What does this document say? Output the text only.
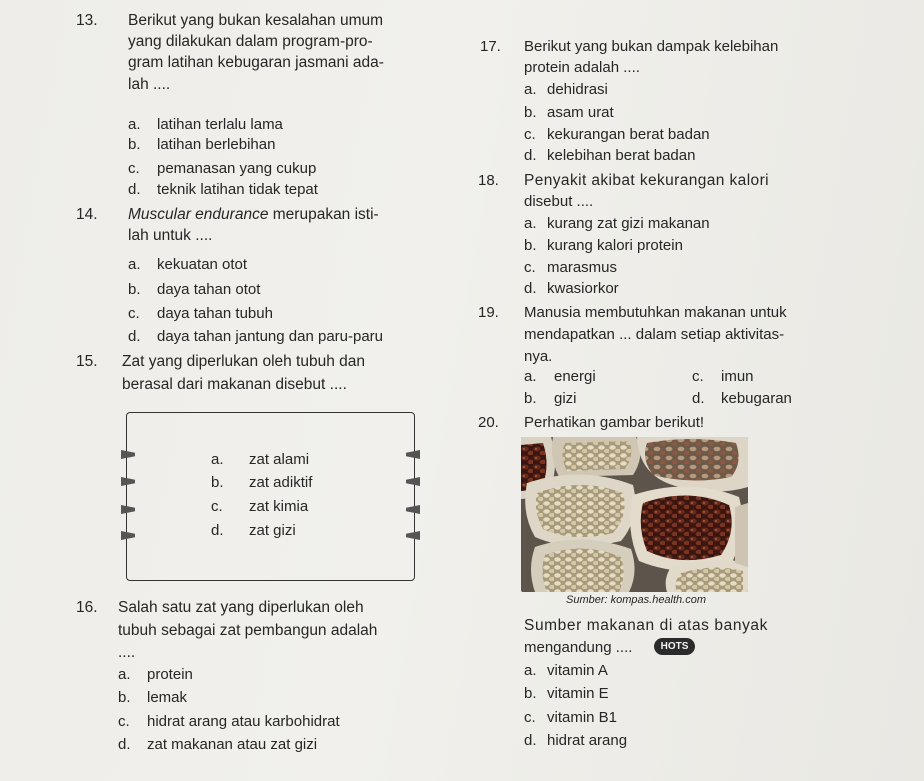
13. Berikut yang bukan kesalahan umum
yang dilakukan dalam program-pro-
gram latihan kebugaran jasmani ada-
lah ....
a. latihan terlalu lama
b. latihan berlebihan
c. pemanasan yang cukup
d. teknik latihan tidak tepat
14. Muscular endurance merupakan isti-
lah untuk ....
a. kekuatan otot
b. daya tahan otot
c. daya tahan tubuh
d. daya tahan jantung dan paru-paru
15. Zat yang diperlukan oleh tubuh dan
berasal dari makanan disebut ....
a. zat alami
b. zat adiktif
c. zat kimia
d. zat gizi
16. Salah satu zat yang diperlukan oleh
tubuh sebagai zat pembangun adalah
....
a. protein
b. lemak
c. hidrat arang atau karbohidrat
d. zat makanan atau zat gizi
17. Berikut yang bukan dampak kelebihan
protein adalah ....
a. dehidrasi
b. asam urat
c. kekurangan berat badan
d. kelebihan berat badan
18. Penyakit akibat kekurangan kalori
disebut ....
a. kurang zat gizi makanan
b. kurang kalori protein
c. marasmus
d. kwasiorkor
19. Manusia membutuhkan makanan untuk
mendapatkan ... dalam setiap aktivitas-
nya.
a. energi
b. gizi
c. imun
d. kebugaran
20. Perhatikan gambar berikut!
Sumber: kompas.health.com
Sumber makanan di atas banyak
mengandung ....	HOTS
a. vitamin A
b. vitamin E
c. vitamin B1
d. hidrat arang
